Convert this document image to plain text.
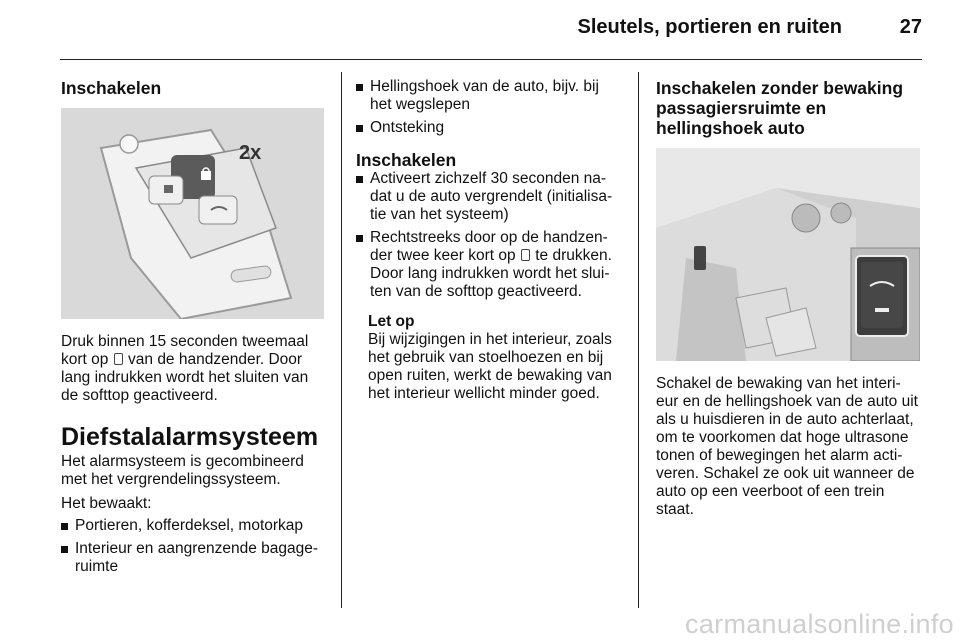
Sleutels, portieren en ruiten	27
Inschakelen
2x

Druk binnen 15 seconden tweemaal kort op van de handzender. Door lang indrukken wordt het sluiten van de softtop geactiveerd.

Diefstalalarmsysteem

Het alarmsysteem is gecombineerd met het vergrendelingssysteem.

Het bewaakt:

Portieren, kofferdeksel, motorkap
Interieur en aangrenzende bagage-ruimte
Hellingshoek van de auto, bijv. bij het wegslepen
Ontsteking
Inschakelen
Activeert zichzelf 30 seconden na-dat u de auto vergrendelt (initialisa-tie van het systeem)
Rechtstreeks door op de handzen-der twee keer kort op te drukken. Door lang indrukken wordt het slui-ten van de softtop geactiveerd.

Let op

Bij wijzigingen in het interieur, zoals het gebruik van stoelhoezen en bij open ruiten, werkt de bewaking van het interieur wellicht minder goed.

Inschakelen zonder bewaking passagiersruimte en hellingshoek auto

Schakel de bewaking van het interi-eur en de hellingshoek van de auto uit als u huisdieren in de auto achterlaat, om te voorkomen dat hoge ultrasone tonen of bewegingen het alarm acti-veren. Schakel ze ook uit wanneer de auto op een veerboot of een trein staat.

carmanualsonline.info
